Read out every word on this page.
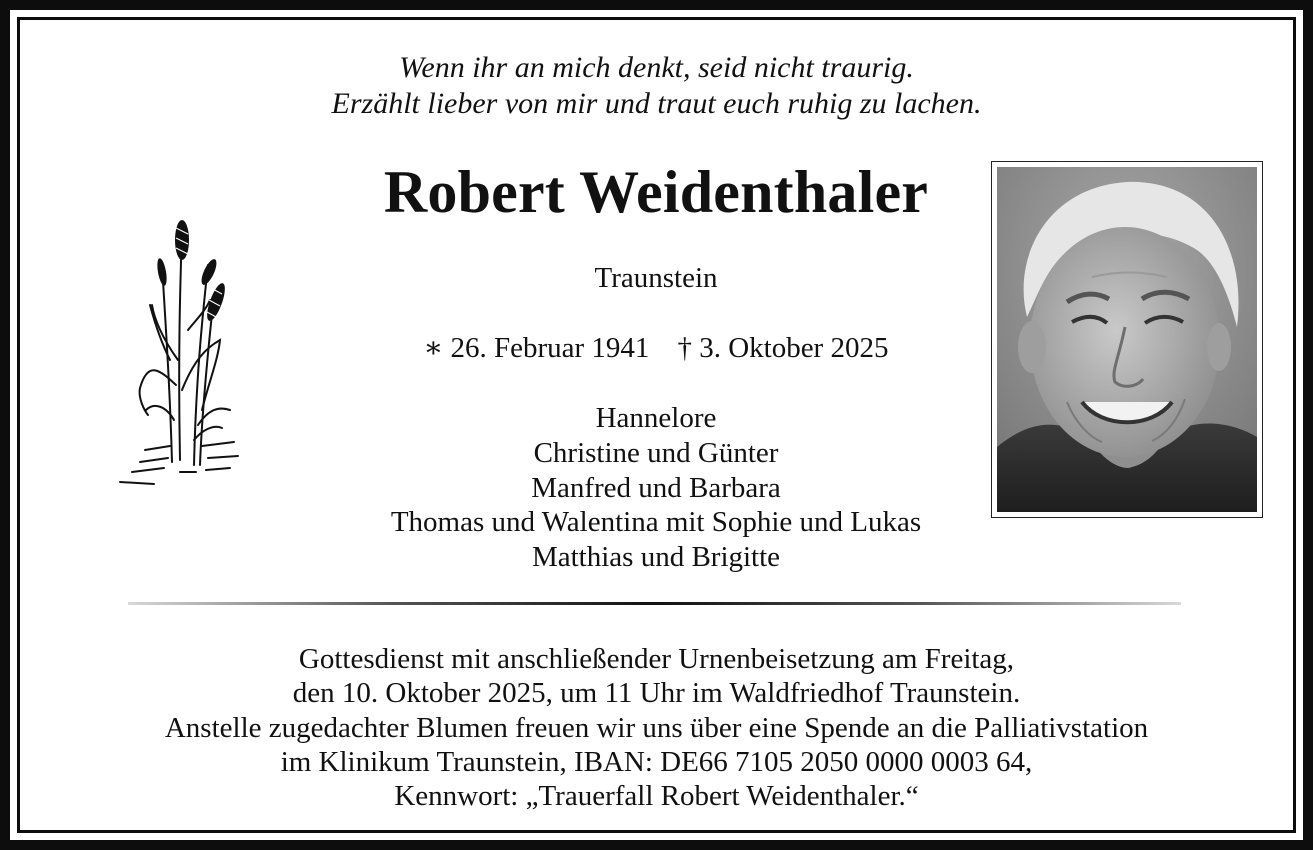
Wenn ihr an mich denkt, seid nicht traurig.
Erzählt lieber von mir und traut euch ruhig zu lachen.
Robert Weidenthaler
Traunstein
∗ 26. Februar 1941 † 3. Oktober 2025
Hannelore
Christine und Günter
Manfred und Barbara
Thomas und Walentina mit Sophie und Lukas
Matthias und Brigitte
Gottesdienst mit anschließender Urnenbeisetzung am Freitag,
den 10. Oktober 2025, um 11 Uhr im Waldfriedhof Traunstein.
Anstelle zugedachter Blumen freuen wir uns über eine Spende an die Palliativstation
im Klinikum Traunstein, IBAN: DE66 7105 2050 0000 0003 64,
Kennwort: „Trauerfall Robert Weidenthaler.“
